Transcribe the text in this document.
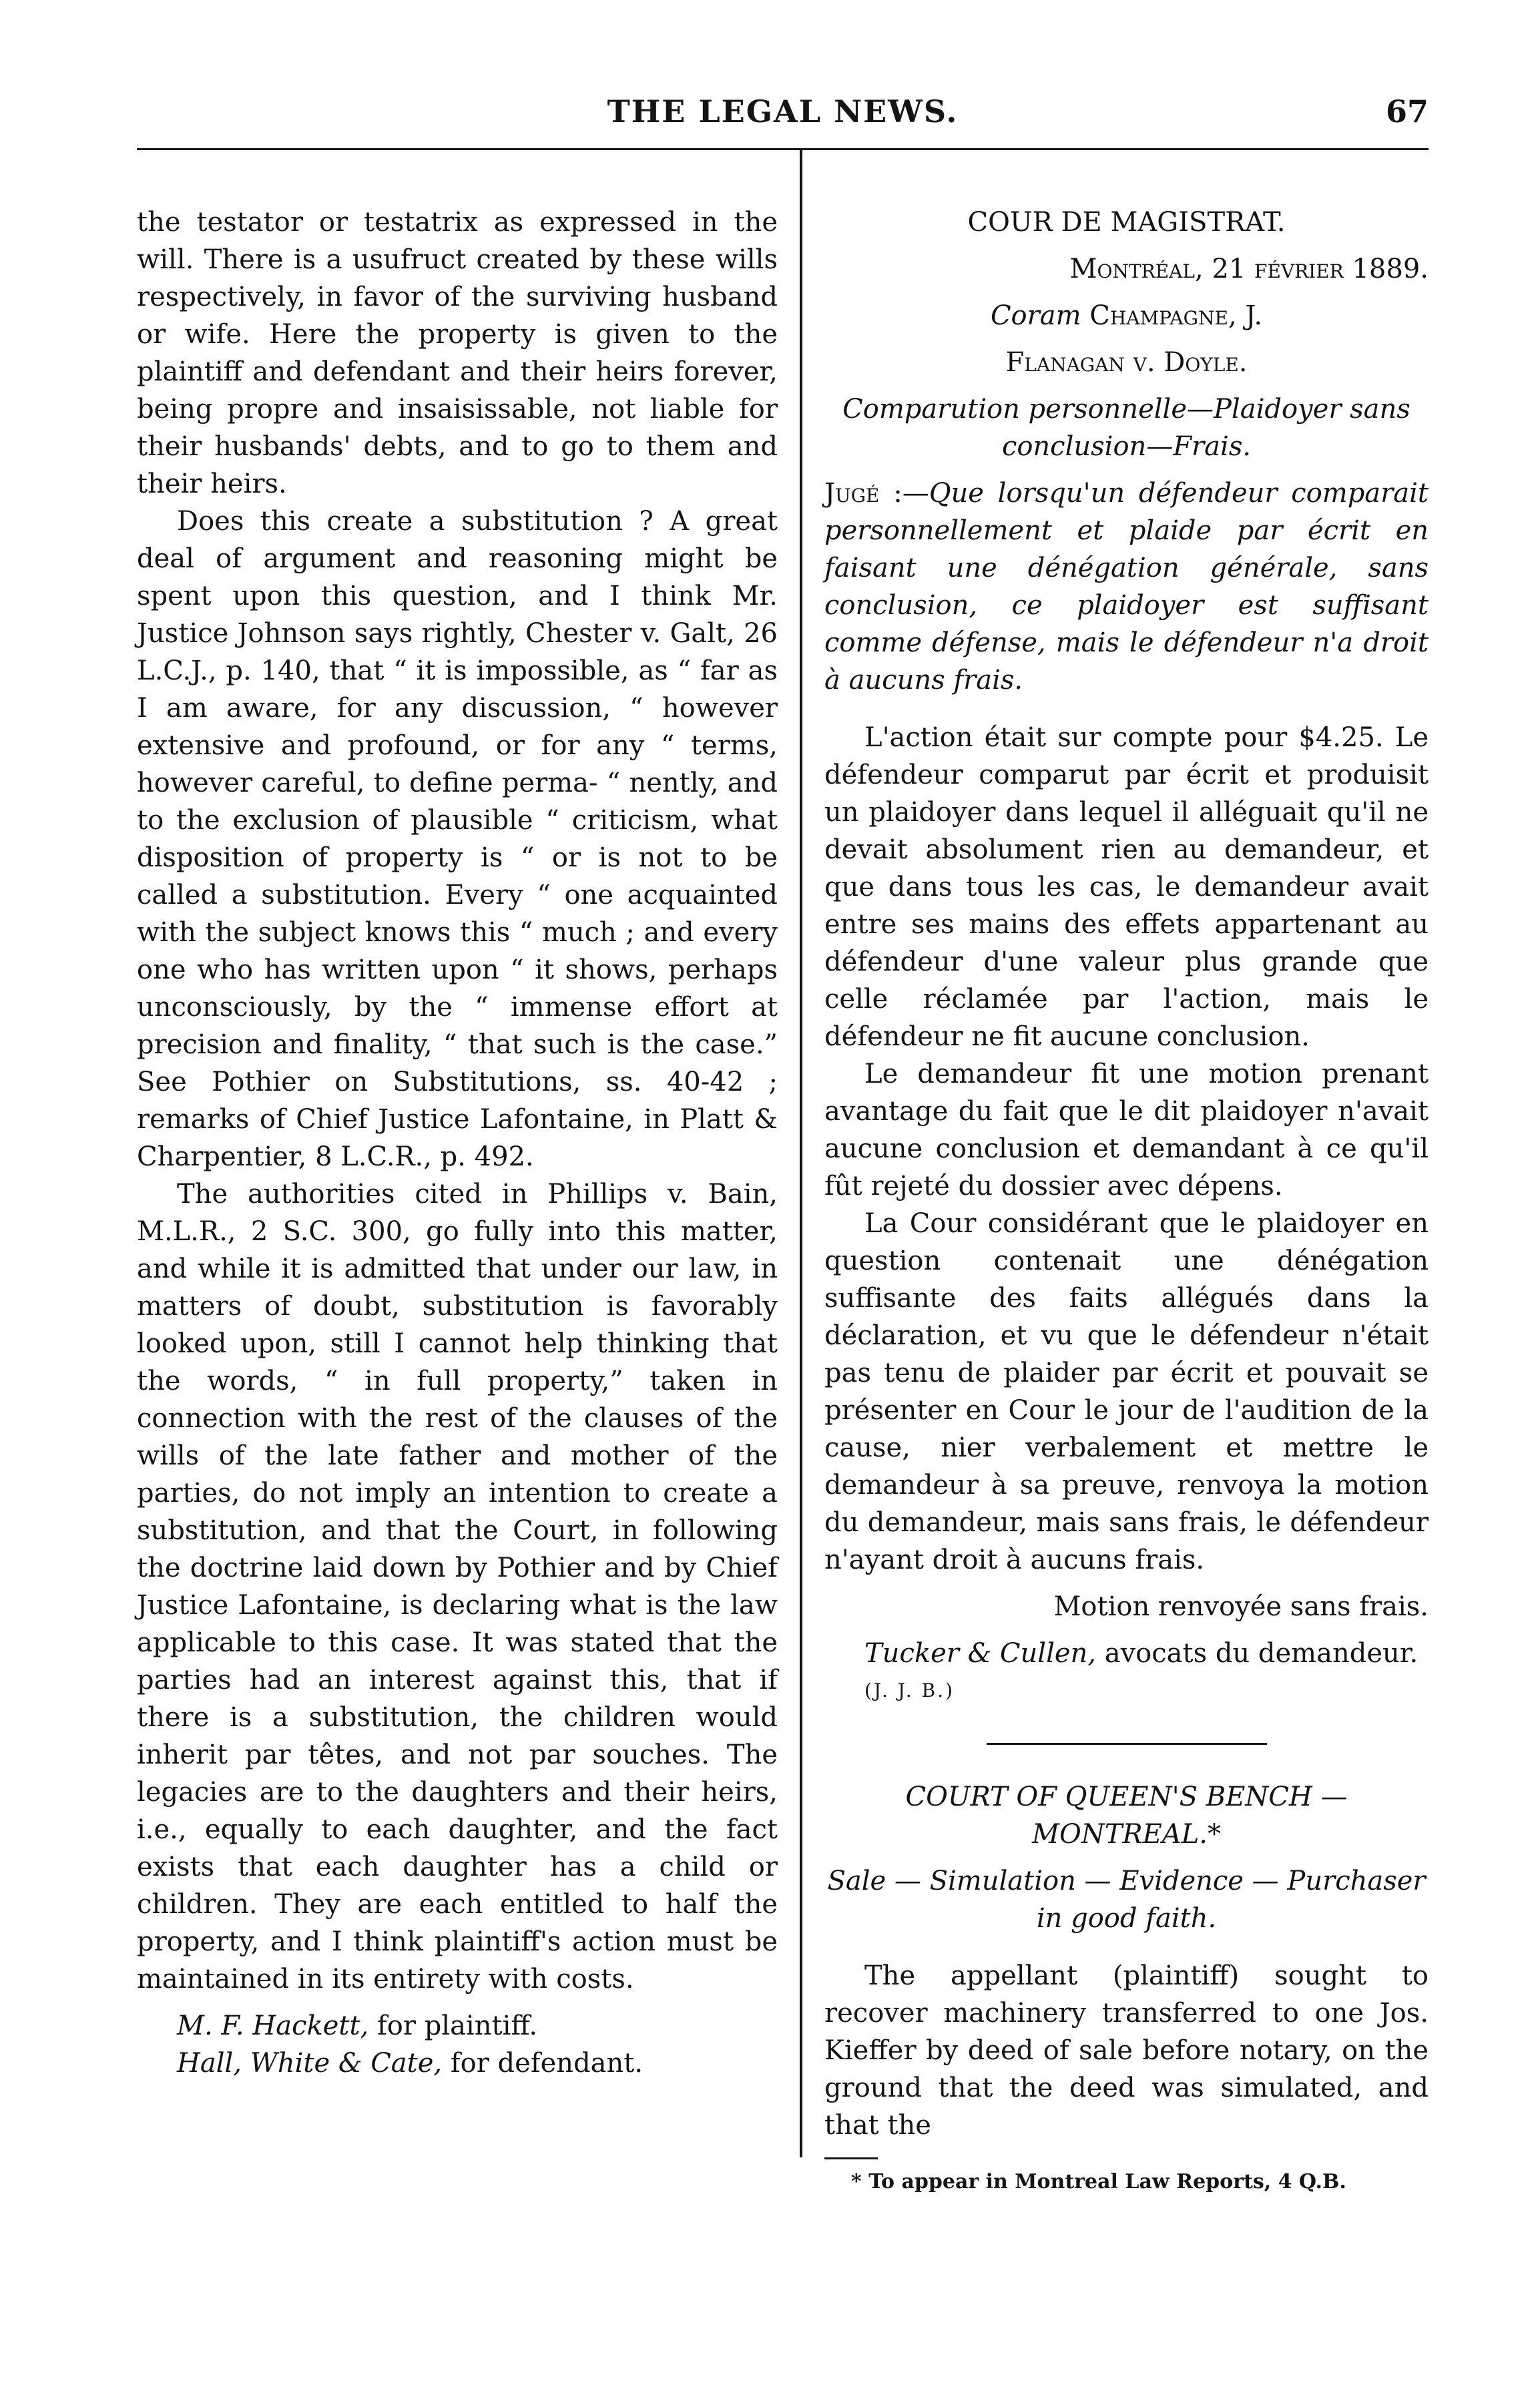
THE LEGAL NEWS.	67

the testator or testatrix as expressed in the will. There is a usufruct created by these wills respectively, in favor of the surviving husband or wife. Here the property is given to the plaintiff and defendant and their heirs forever, being propre and insaisissable, not liable for their husbands' debts, and to go to them and their heirs.

Does this create a substitution ? A great deal of argument and reasoning might be spent upon this question, and I think Mr. Justice Johnson says rightly, Chester v. Galt, 26 L.C.J., p. 140, that “ it is impossible, as “ far as I am aware, for any discussion, “ however extensive and profound, or for any “ terms, however careful, to define perma- “ nently, and to the exclusion of plausible “ criticism, what disposition of property is “ or is not to be called a substitution. Every “ one acquainted with the subject knows this “ much ; and every one who has written upon “ it shows, perhaps unconsciously, by the “ immense effort at precision and finality, “ that such is the case.” See Pothier on Substitutions, ss. 40-42 ; remarks of Chief Justice Lafontaine, in Platt & Charpentier, 8 L.C.R., p. 492.

The authorities cited in Phillips v. Bain, M.L.R., 2 S.C. 300, go fully into this matter, and while it is admitted that under our law, in matters of doubt, substitution is favorably looked upon, still I cannot help thinking that the words, “ in full property,” taken in connection with the rest of the clauses of the wills of the late father and mother of the parties, do not imply an intention to create a substitution, and that the Court, in following the doctrine laid down by Pothier and by Chief Justice Lafontaine, is declaring what is the law applicable to this case. It was stated that the parties had an interest against this, that if there is a substitution, the children would inherit par têtes, and not par souches. The legacies are to the daughters and their heirs, i.e., equally to each daughter, and the fact exists that each daughter has a child or children. They are each entitled to half the property, and I think plaintiff's action must be maintained in its entirety with costs.

M. F. Hackett, for plaintiff.

Hall, White & Cate, for defendant.

COUR DE MAGISTRAT.

Montréal, 21 février 1889.

Coram Champagne, J.

Flanagan v. Doyle.

Comparution personnelle—Plaidoyer sans conclusion—Frais.

Jugé :—Que lorsqu'un défendeur comparait personnellement et plaide par écrit en faisant une dénégation générale, sans conclusion, ce plaidoyer est suffisant comme défense, mais le défendeur n'a droit à aucuns frais.

L'action était sur compte pour $4.25. Le défendeur comparut par écrit et produisit un plaidoyer dans lequel il alléguait qu'il ne devait absolument rien au demandeur, et que dans tous les cas, le demandeur avait entre ses mains des effets appartenant au défendeur d'une valeur plus grande que celle réclamée par l'action, mais le défendeur ne fit aucune conclusion.

Le demandeur fit une motion prenant avantage du fait que le dit plaidoyer n'avait aucune conclusion et demandant à ce qu'il fût rejeté du dossier avec dépens.

La Cour considérant que le plaidoyer en question contenait une dénégation suffisante des faits allégués dans la déclaration, et vu que le défendeur n'était pas tenu de plaider par écrit et pouvait se présenter en Cour le jour de l'audition de la cause, nier verbalement et mettre le demandeur à sa preuve, renvoya la motion du demandeur, mais sans frais, le défendeur n'ayant droit à aucuns frais.

Motion renvoyée sans frais.

Tucker & Cullen, avocats du demandeur.

(J. J. B.)

COURT OF QUEEN'S BENCH — MONTREAL.*

Sale — Simulation — Evidence — Purchaser in good faith.

The appellant (plaintiff) sought to recover machinery transferred to one Jos. Kieffer by deed of sale before notary, on the ground that the deed was simulated, and that the

* To appear in Montreal Law Reports, 4 Q.B.
